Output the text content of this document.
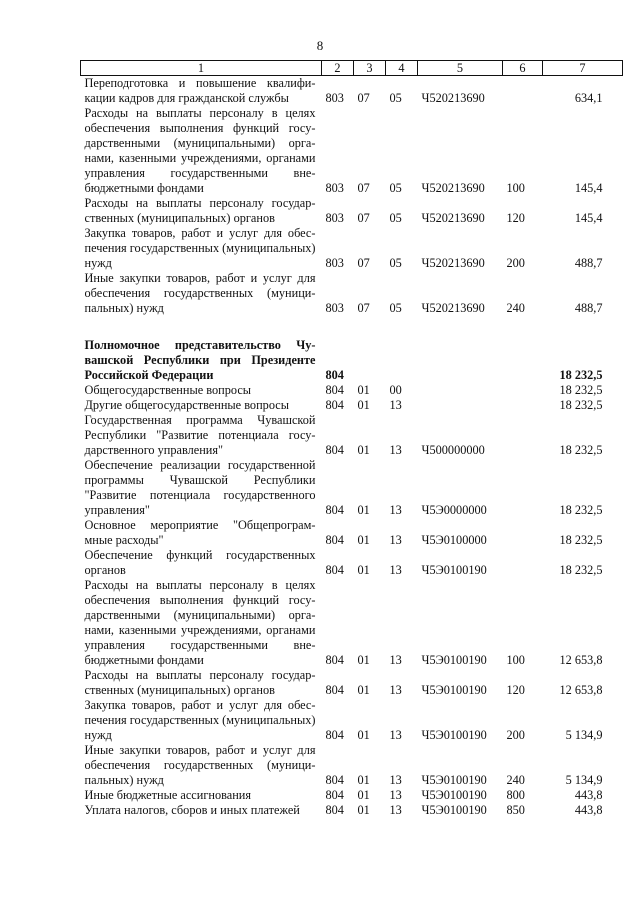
8
1	2	3	4	5	6	7
Переподготовка и повышение квалификации кадров для гражданской службы	803	07	05	Ч520213690		634,1
Расходы на выплаты персоналу в целях обеспечения выполнения функций государственными (муниципальными) органами, казенными учреждениями, органами управления государственными внебюджетными фондами	803	07	05	Ч520213690	100	145,4
Расходы на выплаты персоналу государственных (муниципальных) органов	803	07	05	Ч520213690	120	145,4
Закупка товаров, работ и услуг для обеспечения государственных (муниципальных) нужд	803	07	05	Ч520213690	200	488,7
Иные закупки товаров, работ и услуг для обеспечения государственных (муниципальных) нужд	803	07	05	Ч520213690	240	488,7

Полномочное представительство Чувашской Республики при Президенте Российской Федерации	804					18 232,5
Общегосударственные вопросы	804	01	00			18 232,5
Другие общегосударственные вопросы	804	01	13			18 232,5
Государственная программа Чувашской Республики "Развитие потенциала государственного управления"	804	01	13	Ч500000000		18 232,5
Обеспечение реализации государственной программы Чувашской Республики "Развитие потенциала государственного управления"	804	01	13	Ч5Э0000000		18 232,5
Основное мероприятие "Общепрограммные расходы"	804	01	13	Ч5Э0100000		18 232,5
Обеспечение функций государственных органов	804	01	13	Ч5Э0100190		18 232,5
Расходы на выплаты персоналу в целях обеспечения выполнения функций государственными (муниципальными) органами, казенными учреждениями, органами управления государственными внебюджетными фондами	804	01	13	Ч5Э0100190	100	12 653,8
Расходы на выплаты персоналу государственных (муниципальных) органов	804	01	13	Ч5Э0100190	120	12 653,8
Закупка товаров, работ и услуг для обеспечения государственных (муниципальных) нужд	804	01	13	Ч5Э0100190	200	5 134,9
Иные закупки товаров, работ и услуг для обеспечения государственных (муниципальных) нужд	804	01	13	Ч5Э0100190	240	5 134,9
Иные бюджетные ассигнования	804	01	13	Ч5Э0100190	800	443,8
Уплата налогов, сборов и иных платежей	804	01	13	Ч5Э0100190	850	443,8
